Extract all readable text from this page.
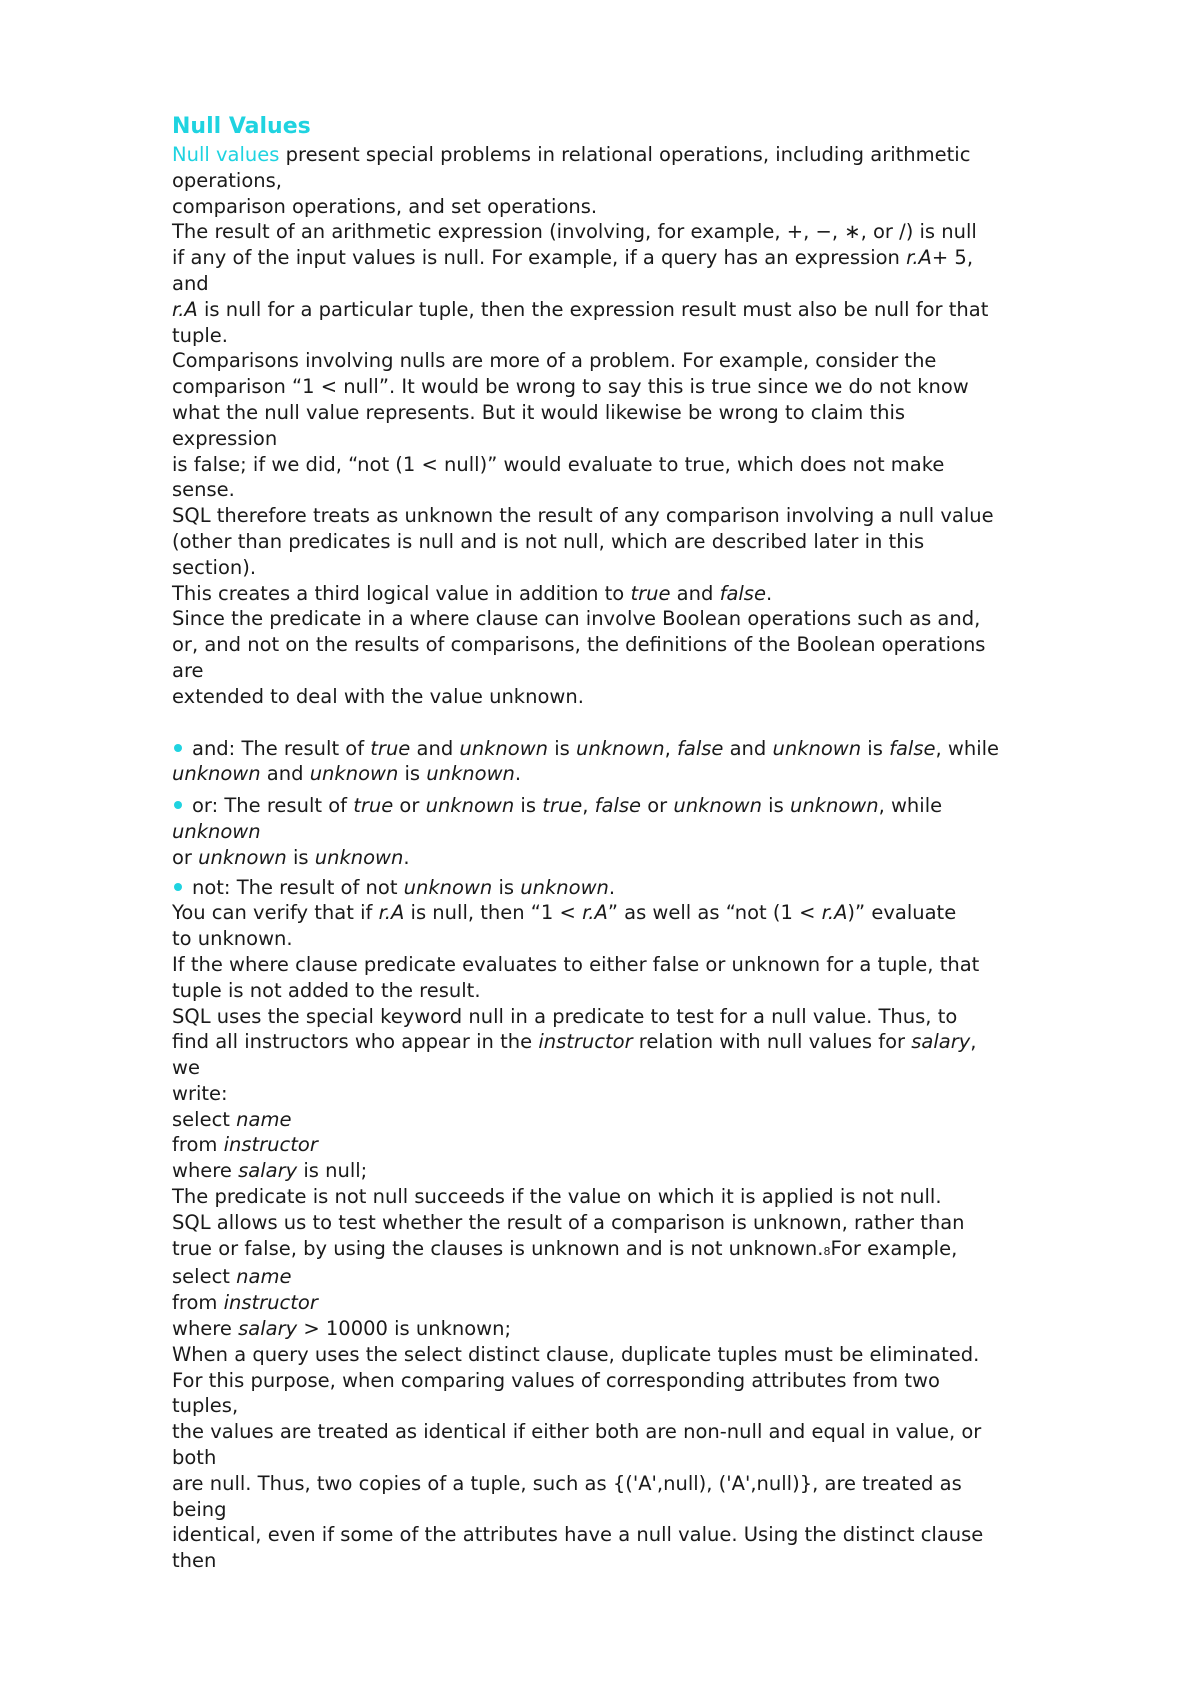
Null Values
Null values present special problems in relational operations, including arithmetic
operations,
comparison operations, and set operations.
The result of an arithmetic expression (involving, for example, +, −, ∗, or /) is null
if any of the input values is null. For example, if a query has an expression r.A+ 5,
and
r.A is null for a particular tuple, then the expression result must also be null for that
tuple.
Comparisons involving nulls are more of a problem. For example, consider the
comparison “1 < null”. It would be wrong to say this is true since we do not know
what the null value represents. But it would likewise be wrong to claim this
expression
is false; if we did, “not (1 < null)” would evaluate to true, which does not make
sense.
SQL therefore treats as unknown the result of any comparison involving a null value
(other than predicates is null and is not null, which are described later in this
section).
This creates a third logical value in addition to true and false.
Since the predicate in a where clause can involve Boolean operations such as and,
or, and not on the results of comparisons, the definitions of the Boolean operations
are
extended to deal with the value unknown.
and: The result of true and unknown is unknown, false and unknown is false, while
unknown and unknown is unknown.
or: The result of true or unknown is true, false or unknown is unknown, while
unknown
or unknown is unknown.
not: The result of not unknown is unknown.
You can verify that if r.A is null, then “1 < r.A” as well as “not (1 < r.A)” evaluate
to unknown.
If the where clause predicate evaluates to either false or unknown for a tuple, that
tuple is not added to the result.
SQL uses the special keyword null in a predicate to test for a null value. Thus, to
find all instructors who appear in the instructor relation with null values for salary,
we
write:
select name
from instructor
where salary is null;
The predicate is not null succeeds if the value on which it is applied is not null.
SQL allows us to test whether the result of a comparison is unknown, rather than
true or false, by using the clauses is unknown and is not unknown.8For example,
select name
from instructor
where salary > 10000 is unknown;
When a query uses the select distinct clause, duplicate tuples must be eliminated.
For this purpose, when comparing values of corresponding attributes from two
tuples,
the values are treated as identical if either both are non-null and equal in value, or
both
are null. Thus, two copies of a tuple, such as {('A',null), ('A',null)}, are treated as
being
identical, even if some of the attributes have a null value. Using the distinct clause
then
